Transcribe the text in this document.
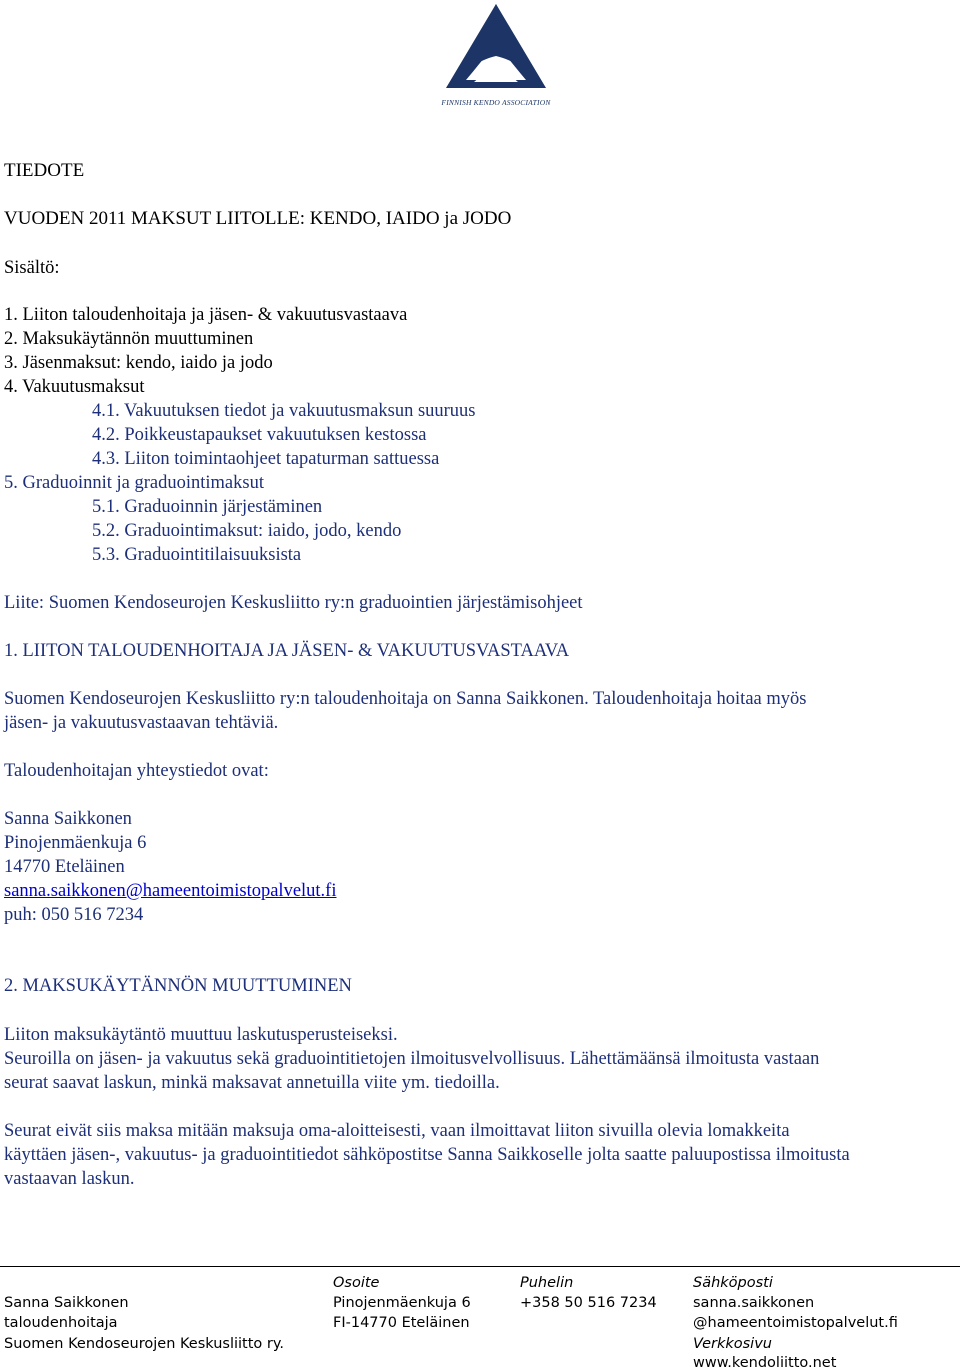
FINNISH KENDO ASSOCIATION
TIEDOTE
VUODEN 2011 MAKSUT LIITOLLE: KENDO, IAIDO ja JODO
Sisältö:
1. Liiton taloudenhoitaja ja jäsen- & vakuutusvastaava
2. Maksukäytännön muuttuminen
3. Jäsenmaksut: kendo, iaido ja jodo
4. Vakuutusmaksut
4.1. Vakuutuksen tiedot ja vakuutusmaksun suuruus
4.2. Poikkeustapaukset vakuutuksen kestossa
4.3. Liiton toimintaohjeet tapaturman sattuessa
5. Graduoinnit ja graduointimaksut
5.1. Graduoinnin järjestäminen
5.2. Graduointimaksut: iaido, jodo, kendo
5.3. Graduointitilaisuuksista
Liite: Suomen Kendoseurojen Keskusliitto ry:n graduointien järjestämisohjeet
1. LIITON TALOUDENHOITAJA JA JÄSEN- & VAKUUTUSVASTAAVA
Suomen Kendoseurojen Keskusliitto ry:n taloudenhoitaja on Sanna Saikkonen. Taloudenhoitaja hoitaa myös
jäsen- ja vakuutusvastaavan tehtäviä.
Taloudenhoitajan yhteystiedot ovat:
Sanna Saikkonen
Pinojenmäenkuja 6
14770 Eteläinen
sanna.saikkonen@hameentoimistopalvelut.fi
puh: 050 516 7234
2. MAKSUKÄYTÄNNÖN MUUTTUMINEN
Liiton maksukäytäntö muuttuu laskutusperusteiseksi.
Seuroilla on jäsen- ja vakuutus sekä graduointitietojen ilmoitusvelvollisuus. Lähettämäänsä ilmoitusta vastaan
seurat saavat laskun, minkä maksavat annetuilla viite ym. tiedoilla.
Seurat eivät siis maksa mitään maksuja oma-aloitteisesti, vaan ilmoittavat liiton sivuilla olevia lomakkeita
käyttäen jäsen-, vakuutus- ja graduointitiedot sähköpostitse Sanna Saikkoselle jolta saatte paluupostissa ilmoitusta
vastaavan laskun.
Sanna Saikkonen
taloudenhoitaja
Suomen Kendoseurojen Keskusliitto ry.
Osoite
Pinojenmäenkuja 6
FI-14770 Eteläinen
Puhelin
+358 50 516 7234
Sähköposti
sanna.saikkonen
@hameentoimistopalvelut.fi
Verkkosivu
www.kendoliitto.net
